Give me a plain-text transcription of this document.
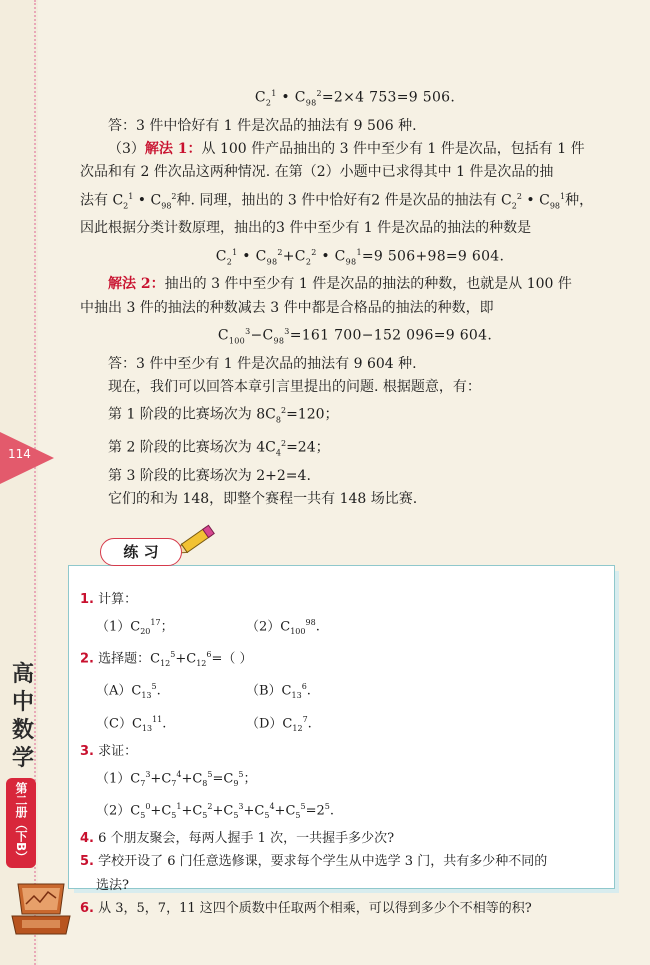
114

$C_2^1$ • $C_{98}^2=2\times 4$ 753=9 506.

答：3 件中恰好有 1 件是次品的抽法有 9 506 种.

（3）解法 1：从 100 件产品抽出的 3 件中至少有 1 件是次品，包括有 1 件

次品和有 2 件次品这两种情况. 在第（2）小题中已求得其中 1 件是次品的抽

法有 $C_2^1$ • $C_{98}^2$种. 同理，抽出的 3 件中恰好有2 件是次品的抽法有 $C_2^2$ • $C_{98}^1$种，

因此根据分类计数原理，抽出的3 件中至少有 1 件是次品的抽法的种数是

$C_2^1$ • $C_{98}^2+C_2^2$ • $C_{98}^1=9$ 506+98=9 604.

解法 2：抽出的 3 件中至少有 1 件是次品的抽法的种数，也就是从 100 件

中抽出 3 件的抽法的种数减去 3 件中都是合格品的抽法的种数，即

$C_{100}^3-C_{98}^3=161$ 700−152 096=9 604.

答：3 件中至少有 1 件是次品的抽法有 9 604 种.

现在，我们可以回答本章引言里提出的问题. 根据题意，有：

第 1 阶段的比赛场次为 $8C_8^2=120$；

第 2 阶段的比赛场次为 $4C_4^2=24$；

第 3 阶段的比赛场次为 2+2=4.

它们的和为 148，即整个赛程一共有 148 场比赛.

练 习
1. 计算：
$(1)C_{20}^{17}$；	$(2)C_{100}^{98}$.
2. 选择题：$C_{12}^5+C_{12}^6=$（ ）
$(A)C_{13}^5$.	$(B)C_{13}^6$.
$(C)C_{13}^{11}$.	$(D)C_{12}^7$.
3. 求证：
$(1)C_7^3+C_7^4+C_8^5=C_9^5$；
$(2)C_5^0+C_5^1+C_5^2+C_5^3+C_5^4+C_5^5=2^5$.
4. 6 个朋友聚会，每两人握手 1 次，一共握手多少次?
5. 学校开设了 6 门任意选修课，要求每个学生从中选学 3 门，共有多少种不同的
选法?
6. 从 3，5，7，11 这四个质数中任取两个相乘，可以得到多少个不相等的积?
高中数学
第二册（下B）
